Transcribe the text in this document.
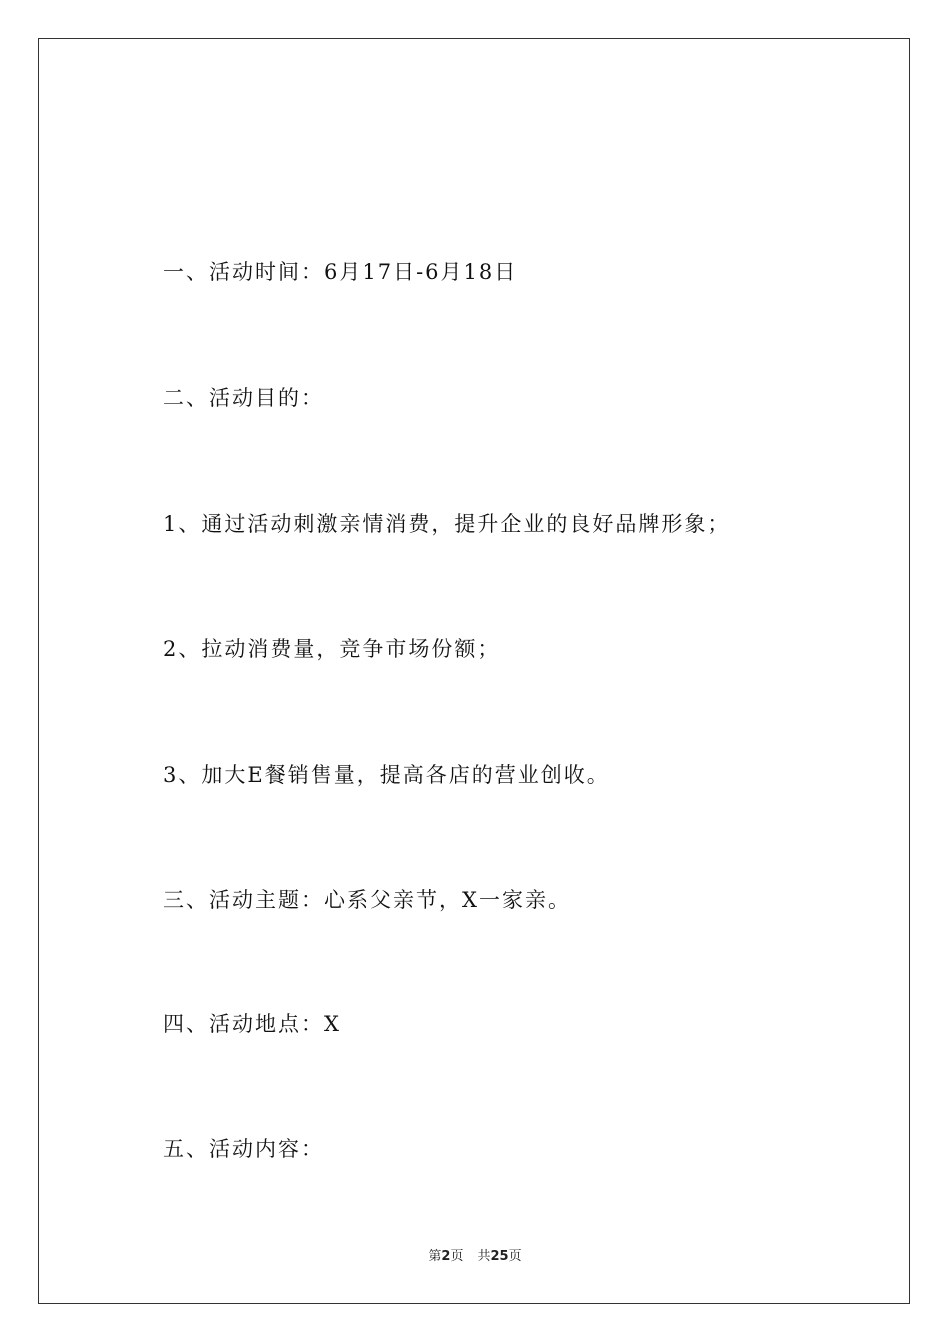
一、活动时间：6月17日-6月18日
二、活动目的：
1、通过活动刺激亲情消费，提升企业的良好品牌形象；
2、拉动消费量，竞争市场份额；
3、加大E餐销售量，提高各店的营业创收。
三、活动主题：心系父亲节，X一家亲。
四、活动地点：X
五、活动内容：
第2页 共25页
